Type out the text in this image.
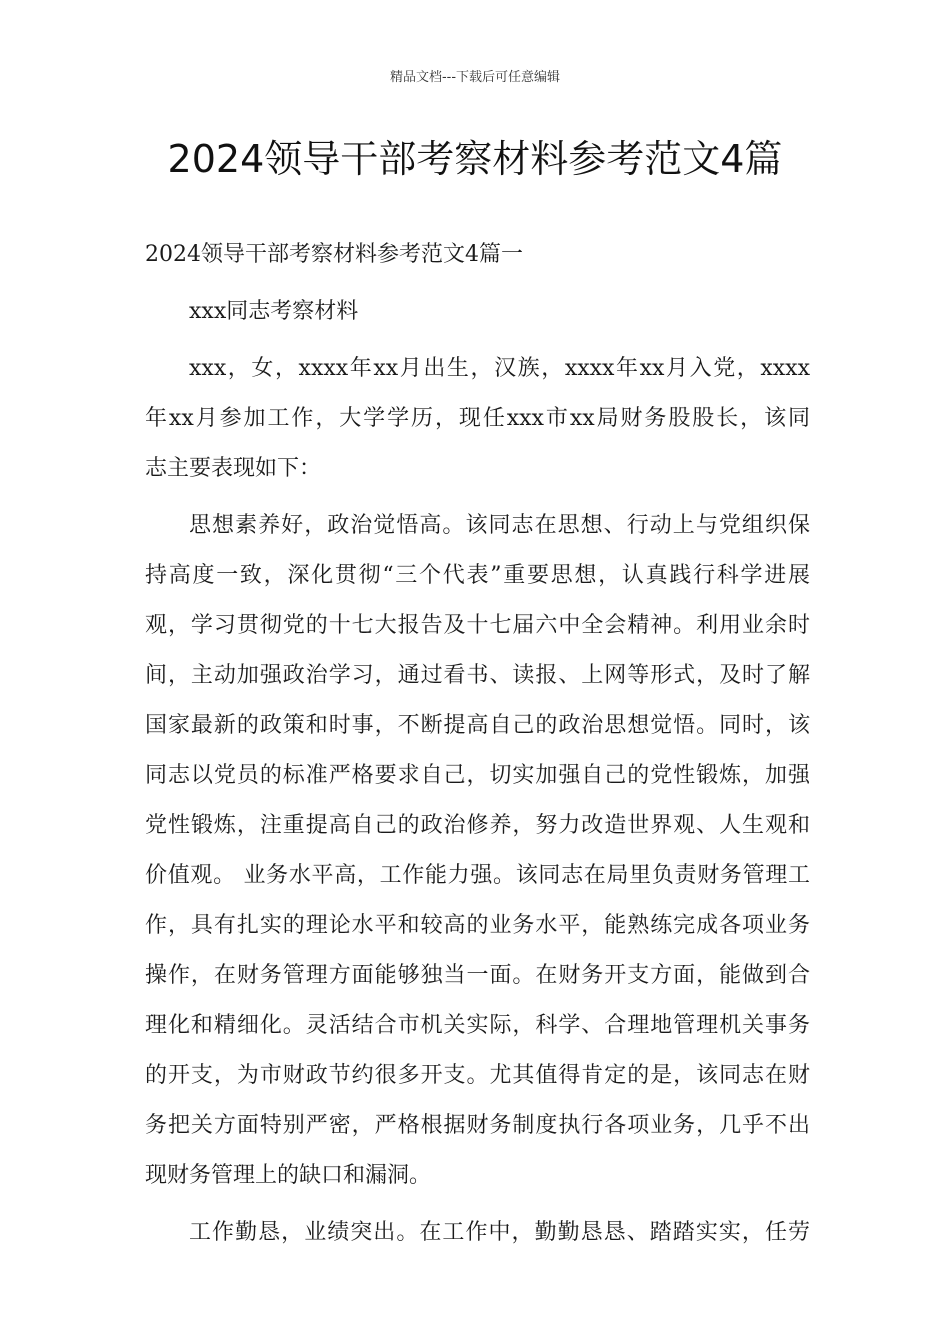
精品文档---下载后可任意编辑
2024领导干部考察材料参考范文4篇
2024领导干部考察材料参考范文4篇一
xxx同志考察材料
xxx，女，xxxx年xx月出生，汉族，xxxx年xx月入党，xxxx
年xx月参加工作，大学学历，现任xxx市xx局财务股股长，该同
志主要表现如下：
思想素养好，政治觉悟高。该同志在思想、行动上与党组织保
持高度一致，深化贯彻“三个代表”重要思想，认真践行科学进展
观，学习贯彻党的十七大报告及十七届六中全会精神。利用业余时
间，主动加强政治学习，通过看书、读报、上网等形式，及时了解
国家最新的政策和时事，不断提高自己的政治思想觉悟。同时，该
同志以党员的标准严格要求自己，切实加强自己的党性锻炼，加强
党性锻炼，注重提高自己的政治修养，努力改造世界观、人生观和
价值观。 业务水平高，工作能力强。该同志在局里负责财务管理工
作，具有扎实的理论水平和较高的业务水平，能熟练完成各项业务
操作，在财务管理方面能够独当一面。在财务开支方面，能做到合
理化和精细化。灵活结合市机关实际，科学、合理地管理机关事务
的开支，为市财政节约很多开支。尤其值得肯定的是，该同志在财
务把关方面特别严密，严格根据财务制度执行各项业务，几乎不出
现财务管理上的缺口和漏洞。
工作勤恳，业绩突出。在工作中，勤勤恳恳、踏踏实实，任劳
